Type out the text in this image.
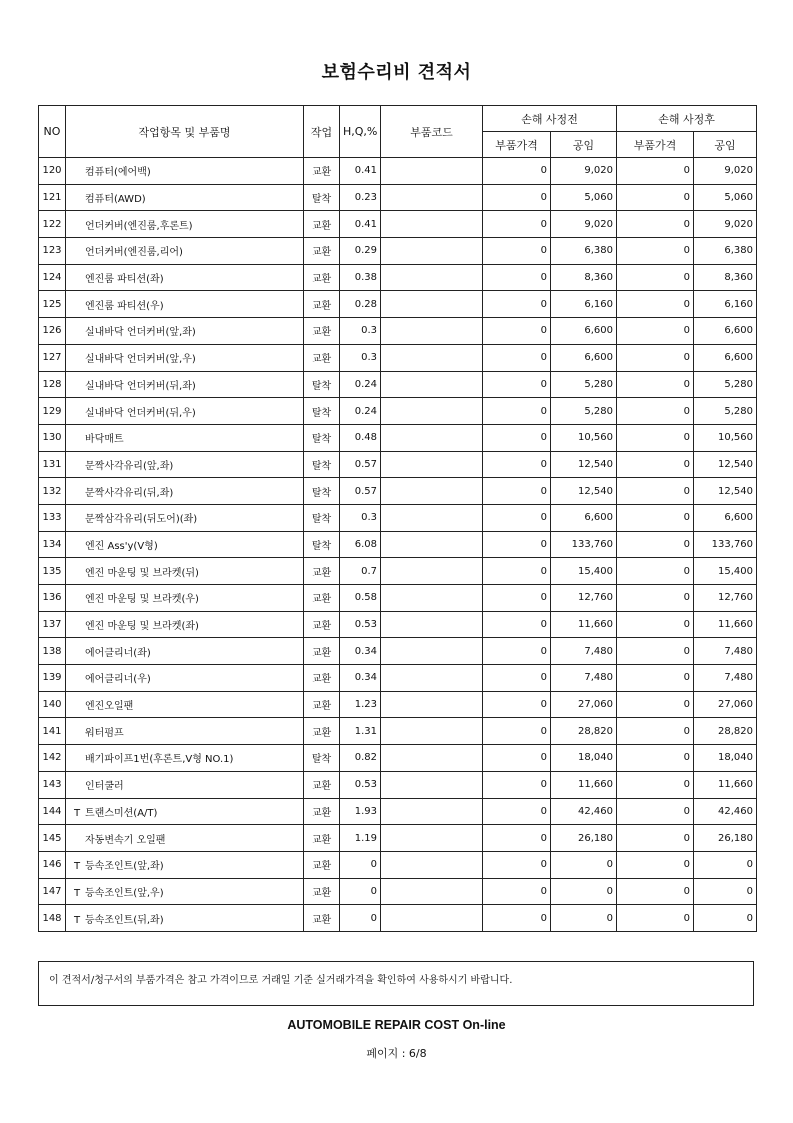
보험수리비 견적서
NO	작업항목 및 부품명	작업	H,Q,%	부품코드	손해 사정전		손해 사정후	
					부품가격	공임	부품가격	공임
120	컴퓨터(에어백)	교환	0.41		0	9,020	0	9,020
121	컴퓨터(AWD)	탈착	0.23		0	5,060	0	5,060
122	언더커버(엔진룸,후론트)	교환	0.41		0	9,020	0	9,020
123	언더커버(엔진룸,리어)	교환	0.29		0	6,380	0	6,380
124	엔진룸 파티션(좌)	교환	0.38		0	8,360	0	8,360
125	엔진룸 파티션(우)	교환	0.28		0	6,160	0	6,160
126	실내바닥 언더커버(앞,좌)	교환	0.3		0	6,600	0	6,600
127	실내바닥 언더커버(앞,우)	교환	0.3		0	6,600	0	6,600
128	실내바닥 언더커버(뒤,좌)	탈착	0.24		0	5,280	0	5,280
129	실내바닥 언더커버(뒤,우)	탈착	0.24		0	5,280	0	5,280
130	바닥매트	탈착	0.48		0	10,560	0	10,560
131	문짝사각유리(앞,좌)	탈착	0.57		0	12,540	0	12,540
132	문짝사각유리(뒤,좌)	탈착	0.57		0	12,540	0	12,540
133	문짝삼각유리(뒤도어)(좌)	탈착	0.3		0	6,600	0	6,600
134	엔진 Ass'y(V형)	탈착	6.08		0	133,760	0	133,760
135	엔진 마운팅 및 브라켓(뒤)	교환	0.7		0	15,400	0	15,400
136	엔진 마운팅 및 브라켓(우)	교환	0.58		0	12,760	0	12,760
137	엔진 마운팅 및 브라켓(좌)	교환	0.53		0	11,660	0	11,660
138	에어클리너(좌)	교환	0.34		0	7,480	0	7,480
139	에어클리너(우)	교환	0.34		0	7,480	0	7,480
140	엔진오일팬	교환	1.23		0	27,060	0	27,060
141	워터펌프	교환	1.31		0	28,820	0	28,820
142	배기파이프1번(후론트,V형 NO.1)	탈착	0.82		0	18,040	0	18,040
143	인터쿨러	교환	0.53		0	11,660	0	11,660
144	T 트랜스미션(A/T)	교환	1.93		0	42,460	0	42,460
145	자동변속기 오일팬	교환	1.19		0	26,180	0	26,180
146	T 등속조인트(앞,좌)	교환	0		0	0	0	0
147	T 등속조인트(앞,우)	교환	0		0	0	0	0
148	T 등속조인트(뒤,좌)	교환	0		0	0	0	0
이 견적서/청구서의 부품가격은 참고 가격이므로 거래일 기준 실거래가격을 확인하여 사용하시기 바랍니다.
AUTOMOBILE REPAIR COST On-line
페이지 : 6/8
